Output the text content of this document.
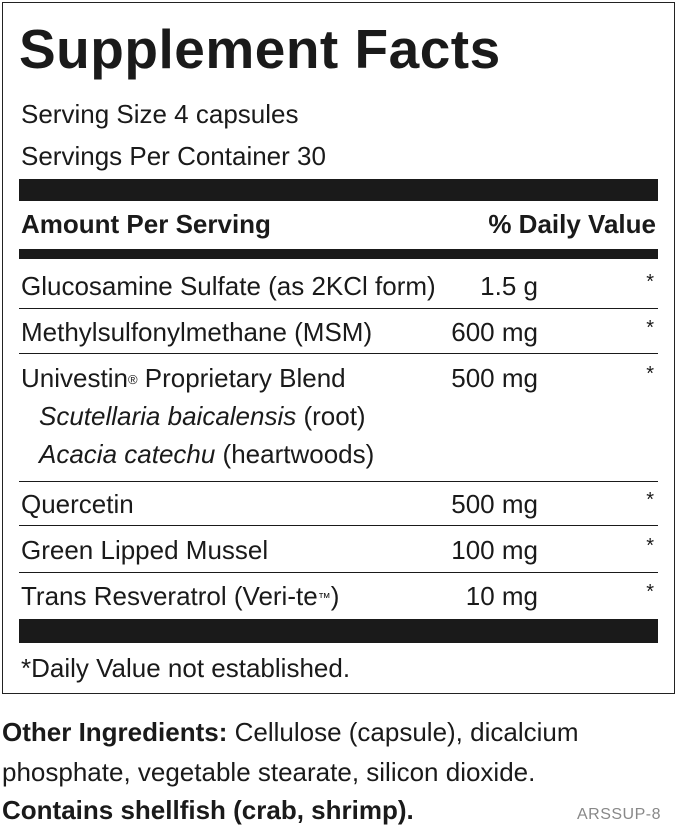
Supplement Facts
Serving Size 4 capsules
Servings Per Container 30
Amount Per Serving	% Daily Value
Glucosamine Sulfate (as 2KCl form) 1.5 g	*
Methylsulfonylmethane (MSM)	600 mg	*
Univestin® Proprietary Blend	500 mg	*
Scutellaria baicalensis (root)
Acacia catechu (heartwoods)
Quercetin	500 mg	*
Green Lipped Mussel	100 mg	*
Trans Resveratrol (Veri-te™)	10 mg	*
*Daily Value not established.
Other Ingredients: Cellulose (capsule), dicalcium phosphate, vegetable stearate, silicon dioxide.
Contains shellfish (crab, shrimp).	ARSSUP-8
